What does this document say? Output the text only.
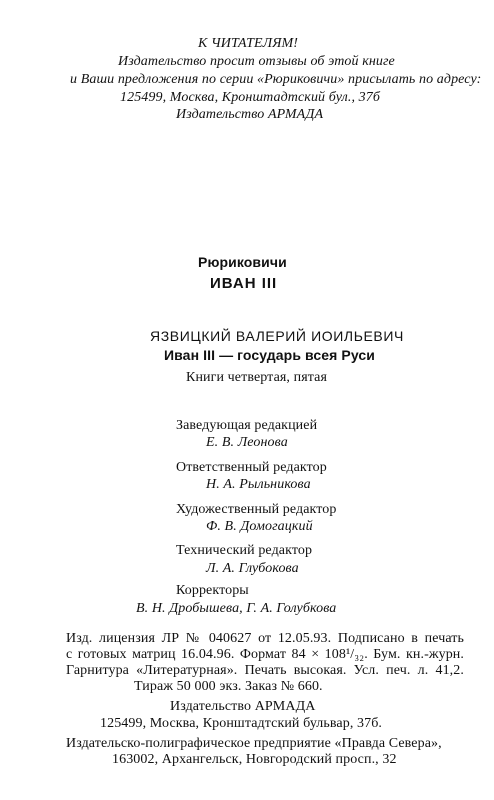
К ЧИТАТЕЛЯМ!
Издательство просит отзывы об этой книге
и Ваши предложения по серии «Рюриковичи» присылать по адресу:
125499, Москва, Кронштадтский бул., 37б
Издательство АРМАДА
Рюриковичи
ИВАН III
ЯЗВИЦКИЙ ВАЛЕРИЙ ИОИЛЬЕВИЧ
Иван III — государь всея Руси
Книги четвертая, пятая
Заведующая редакцией
Е. В. Леонова
Ответственный редактор
Н. А. Рыльникова
Художественный редактор
Ф. В. Домогацкий
Технический редактор
Л. А. Глубокова
Корректоры
В. Н. Дробышева, Г. А. Голубкова
Изд. лицензия ЛР № 040627 от 12.05.93. Подписано в печать
с готовых матриц 16.04.96. Формат 84 × 108¹/₃₂. Бум. кн.-журн.
Гарнитура «Литературная». Печать высокая. Усл. печ. л. 41,2.
Тираж 50 000 экз. Заказ № 660.
Издательство АРМАДА
125499, Москва, Кронштадтский бульвар, 37б.
Издательско-полиграфическое предприятие «Правда Севера»,
163002, Архангельск, Новгородский просп., 32
